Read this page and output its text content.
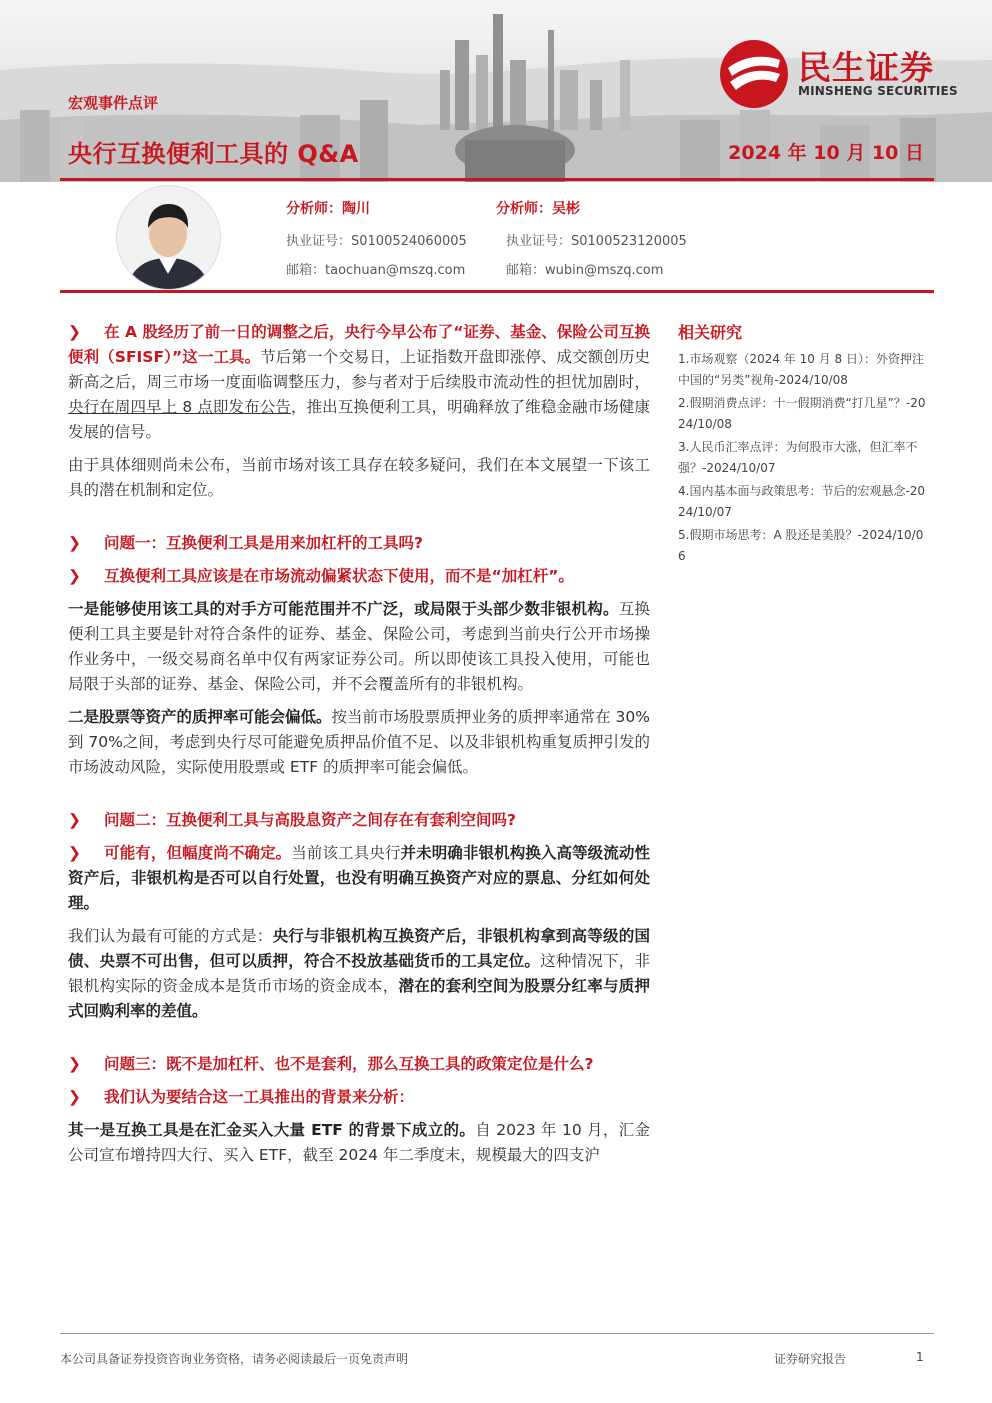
民生证券
MINSHENG SECURITIES
宏观事件点评
央行互换便利工具的 Q&A	2024 年 10 月 10 日
分析师：陶川
执业证号：S0100524060005
邮箱：taochuan@mszq.com
分析师：吴彬
执业证号：S0100523120005
邮箱：wubin@mszq.com

❯ 在 A 股经历了前一日的调整之后，央行今早公布了“证券、基金、保险公司互换便利（SFISF）”这一工具。节后第一个交易日，上证指数开盘即涨停、成交额创历史新高之后，周三市场一度面临调整压力，参与者对于后续股市流动性的担忧加剧时，央行在周四早上 8 点即发布公告，推出互换便利工具，明确释放了维稳金融市场健康发展的信号。

由于具体细则尚未公布，当前市场对该工具存在较多疑问，我们在本文展望一下该工具的潜在机制和定位。

❯ 问题一：互换便利工具是用来加杠杆的工具吗?

❯ 互换便利工具应该是在市场流动偏紧状态下使用，而不是“加杠杆”。

一是能够使用该工具的对手方可能范围并不广泛，或局限于头部少数非银机构。互换便利工具主要是针对符合条件的证券、基金、保险公司，考虑到当前央行公开市场操作业务中，一级交易商名单中仅有两家证券公司。所以即使该工具投入使用，可能也局限于头部的证券、基金、保险公司，并不会覆盖所有的非银机构。

二是股票等资产的质押率可能会偏低。按当前市场股票质押业务的质押率通常在 30%到 70%之间，考虑到央行尽可能避免质押品价值不足、以及非银机构重复质押引发的市场波动风险，实际使用股票或 ETF 的质押率可能会偏低。

❯ 问题二：互换便利工具与高股息资产之间存在有套利空间吗?

❯ 可能有，但幅度尚不确定。当前该工具央行并未明确非银机构换入高等级流动性资产后，非银机构是否可以自行处置，也没有明确互换资产对应的票息、分红如何处理。

我们认为最有可能的方式是：央行与非银机构互换资产后，非银机构拿到高等级的国债、央票不可出售，但可以质押，符合不投放基础货币的工具定位。这种情况下，非银机构实际的资金成本是货币市场的资金成本，潜在的套利空间为股票分红率与质押式回购利率的差值。

❯ 问题三：既不是加杠杆、也不是套利，那么互换工具的政策定位是什么?

❯ 我们认为要结合这一工具推出的背景来分析：

其一是互换工具是在汇金买入大量 ETF 的背景下成立的。自 2023 年 10 月，汇金公司宣布增持四大行、买入 ETF，截至 2024 年二季度末，规模最大的四支沪

相关研究
1.市场观察（2024 年 10 月 8 日）：外资押注中国的“另类”视角-2024/10/08
2.假期消费点评：十一假期消费“打几星”？-2024/10/08
3.人民币汇率点评：为何股市大涨，但汇率不强？-2024/10/07
4.国内基本面与政策思考：节后的宏观悬念-2024/10/07
5.假期市场思考：A 股还是美股？-2024/10/06
本公司具备证券投资咨询业务资格，请务必阅读最后一页免责声明	证券研究报告	1
